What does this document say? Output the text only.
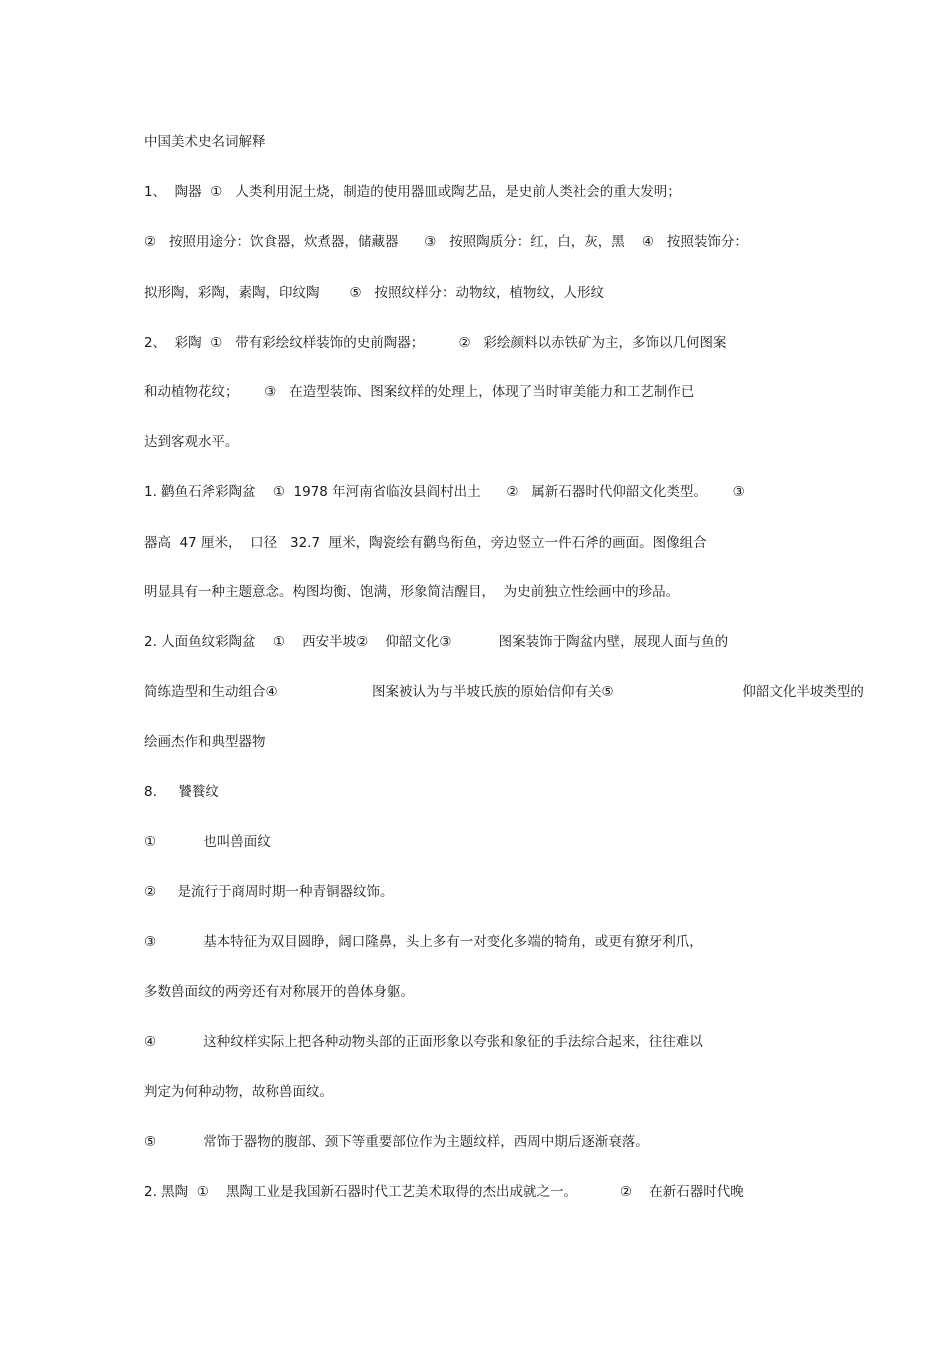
中国美术史名词解释
1、  陶器  ①   人类利用泥土烧，制造的使用器皿或陶艺品，是史前人类社会的重大发明；
②   按照用途分：饮食器，炊煮器，储藏器      ③   按照陶质分：红，白，灰，黑    ④   按照装饰分：
拟形陶，彩陶，素陶，印纹陶       ⑤   按照纹样分：动物纹，植物纹，人形纹
2、  彩陶  ①   带有彩绘纹样装饰的史前陶器；        ②   彩绘颜料以赤铁矿为主，多饰以几何图案
和动植物花纹；      ③   在造型装饰、图案纹样的处理上，体现了当时审美能力和工艺制作已
达到客观水平。
1. 鹳鱼石斧彩陶盆    ①  1978 年河南省临汝县阎村出土      ②   属新石器时代仰韶文化类型。      ③
器高  47 厘米，  口径   32.7  厘米，陶瓷绘有鹳鸟衔鱼，旁边竖立一件石斧的画面。图像组合
明显具有一种主题意念。构图均衡、饱满，形象简洁醒目，  为史前独立性绘画中的珍品。
2. 人面鱼纹彩陶盆    ①    西安半坡②    仰韶文化③           图案装饰于陶盆内壁，展现人面与鱼的
简练造型和生动组合④                      图案被认为与半坡氏族的原始信仰有关⑤                              仰韶文化半坡类型的
绘画杰作和典型器物
8.     饕餮纹
①           也叫兽面纹
②     是流行于商周时期一种青铜器纹饰。
③           基本特征为双目圆睁，阔口隆鼻，头上多有一对变化多端的犄角，或更有獠牙利爪，
多数兽面纹的两旁还有对称展开的兽体身躯。
④           这种纹样实际上把各种动物头部的正面形象以夸张和象征的手法综合起来，往往难以
判定为何种动物，故称兽面纹。
⑤           常饰于器物的腹部、颈下等重要部位作为主题纹样，西周中期后逐渐衰落。
2. 黑陶  ①    黑陶工业是我国新石器时代工艺美术取得的杰出成就之一。          ②    在新石器时代晚
